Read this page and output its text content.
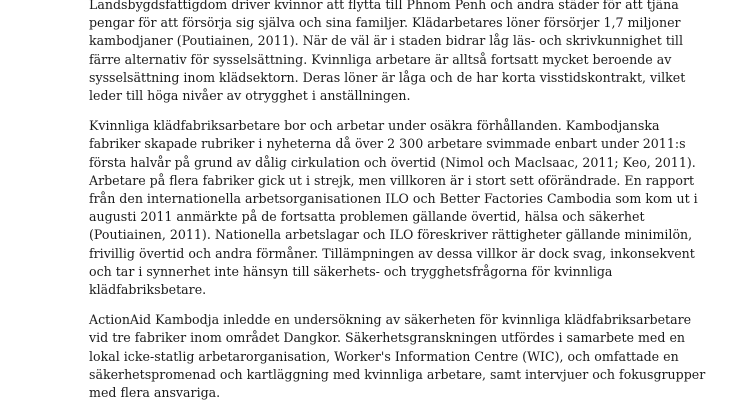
Landsbygdsfattigdom driver kvinnor att flytta till Phnom Penh och andra städer för att tjäna
pengar för att försörja sig själva och sina familjer. Klädarbetares löner försörjer 1,7 miljoner
kambodjaner (Poutiainen, 2011). När de väl är i staden bidrar låg läs- och skrivkunnighet till
färre alternativ för sysselsättning. Kvinnliga arbetare är alltså fortsatt mycket beroende av
sysselsättning inom klädsektorn. Deras löner är låga och de har korta visstidskontrakt, vilket
leder till höga nivåer av otrygghet i anställningen.

Kvinnliga klädfabriksarbetare bor och arbetar under osäkra förhållanden. Kambodjanska
fabriker skapade rubriker i nyheterna då över 2 300 arbetare svimmade enbart under 2011:s
första halvår på grund av dålig cirkulation och övertid (Nimol och Maclsaac, 2011; Keo, 2011).
Arbetare på flera fabriker gick ut i strejk, men villkoren är i stort sett oförändrade. En rapport
från den internationella arbetsorganisationen ILO och Better Factories Cambodia som kom ut i
augusti 2011 anmärkte på de fortsatta problemen gällande övertid, hälsa och säkerhet
(Poutiainen, 2011). Nationella arbetslagar och ILO föreskriver rättigheter gällande minimilön,
frivillig övertid och andra förmåner. Tillämpningen av dessa villkor är dock svag, inkonsekvent
och tar i synnerhet inte hänsyn till säkerhets- och trygghetsfrågorna för kvinnliga
klädfabriksbetare.

ActionAid Kambodja inledde en undersökning av säkerheten för kvinnliga klädfabriksarbetare
vid tre fabriker inom området Dangkor. Säkerhetsgranskningen utfördes i samarbete med en
lokal icke-statlig arbetarorganisation, Worker's Information Centre (WIC), och omfattade en
säkerhetspromenad och kartläggning med kvinnliga arbetare, samt intervjuer och fokusgrupper
med flera ansvariga.
